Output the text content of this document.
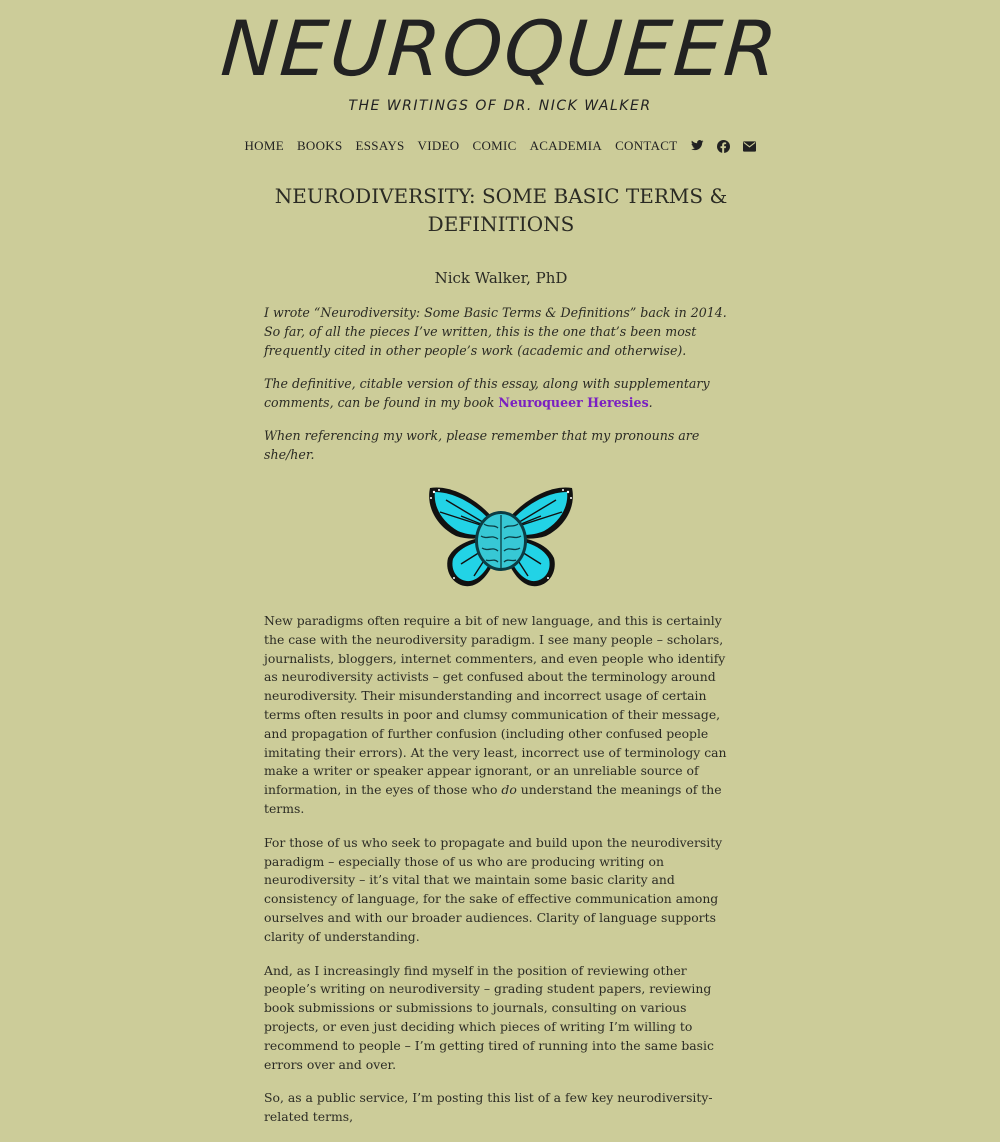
NEUROQUEER
THE WRITINGS OF DR. NICK WALKER
HOME BOOKS ESSAYS VIDEO COMIC ACADEMIA CONTACT
NEURODIVERSITY: SOME BASIC TERMS & DEFINITIONS
Nick Walker, PhD

I wrote “Neurodiversity: Some Basic Terms & Definitions” back in 2014. So far, of all the pieces I’ve written, this is the one that’s been most frequently cited in other people’s work (academic and otherwise).

The definitive, citable version of this essay, along with supplementary comments, can be found in my book Neuroqueer Heresies.

When referencing my work, please remember that my pronouns are she/her.

New paradigms often require a bit of new language, and this is certainly the case with the neurodiversity paradigm. I see many people – scholars, journalists, bloggers, internet commenters, and even people who identify as neurodiversity activists – get confused about the terminology around neurodiversity. Their misunderstanding and incorrect usage of certain terms often results in poor and clumsy communication of their message, and propagation of further confusion (including other confused people imitating their errors). At the very least, incorrect use of terminology can make a writer or speaker appear ignorant, or an unreliable source of information, in the eyes of those who do understand the meanings of the terms.

For those of us who seek to propagate and build upon the neurodiversity paradigm – especially those of us who are producing writing on neurodiversity – it’s vital that we maintain some basic clarity and consistency of language, for the sake of effective communication among ourselves and with our broader audiences. Clarity of language supports clarity of understanding.

And, as I increasingly find myself in the position of reviewing other people’s writing on neurodiversity – grading student papers, reviewing book submissions or submissions to journals, consulting on various projects, or even just deciding which pieces of writing I’m willing to recommend to people – I’m getting tired of running into the same basic errors over and over.

So, as a public service, I’m posting this list of a few key neurodiversity-related terms,
